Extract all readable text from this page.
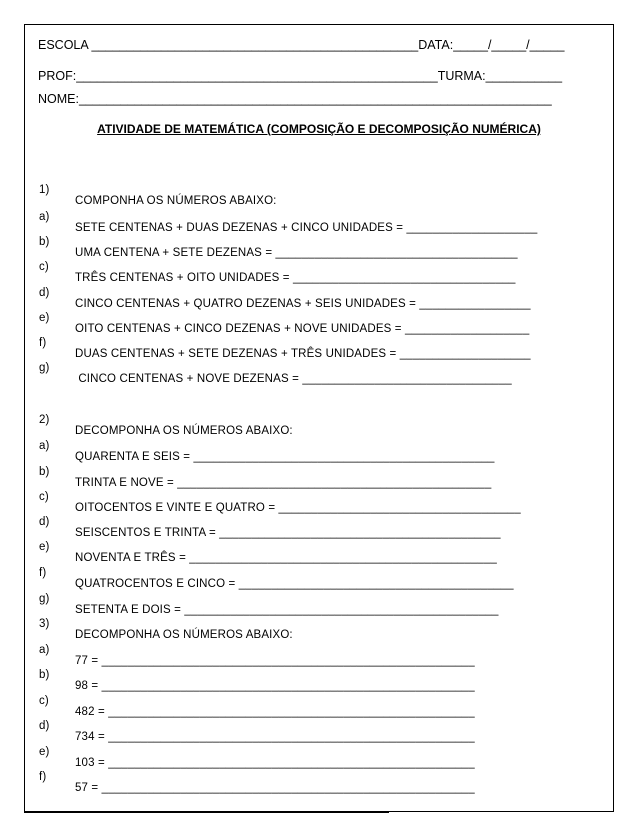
ESCOLA _______________________________________________DATA:_____/_____/_____
PROF:____________________________________________________TURMA:___________
NOME:____________________________________________________________________
ATIVIDADE DE MATEMÁTICA (COMPOSIÇÃO E DECOMPOSIÇÃO NUMÉRICA)

1)

COMPONHA OS NÚMEROS ABAIXO:

a)

SETE CENTENAS + DUAS DEZENAS + CINCO UNIDADES = ____________________

b)

UMA CENTENA + SETE DEZENAS = _____________________________________

c)

TRÊS CENTENAS + OITO UNIDADES = __________________________________

d)

CINCO CENTENAS + QUATRO DEZENAS + SEIS UNIDADES = _________________

e)

OITO CENTENAS + CINCO DEZENAS + NOVE UNIDADES = ___________________

f)

DUAS CENTENAS + SETE DEZENAS + TRÊS UNIDADES = ____________________

g)

CINCO CENTENAS + NOVE DEZENAS = ________________________________

2)

DECOMPONHA OS NÚMEROS ABAIXO:

a)

QUARENTA E SEIS = ______________________________________________

b)

TRINTA E NOVE = ________________________________________________

c)

OITOCENTOS E VINTE E QUATRO = _____________________________________

d)

SEISCENTOS E TRINTA = ___________________________________________

e)

NOVENTA E TRÊS = _______________________________________________

f)

QUATROCENTOS E CINCO = __________________________________________

g)

SETENTA E DOIS = ________________________________________________

3)

DECOMPONHA OS NÚMEROS ABAIXO:

a)

77 = _________________________________________________________

b)

98 = _________________________________________________________

c)

482 = ________________________________________________________

d)

734 = ________________________________________________________

e)

103 = ________________________________________________________

f)

57 = _________________________________________________________
